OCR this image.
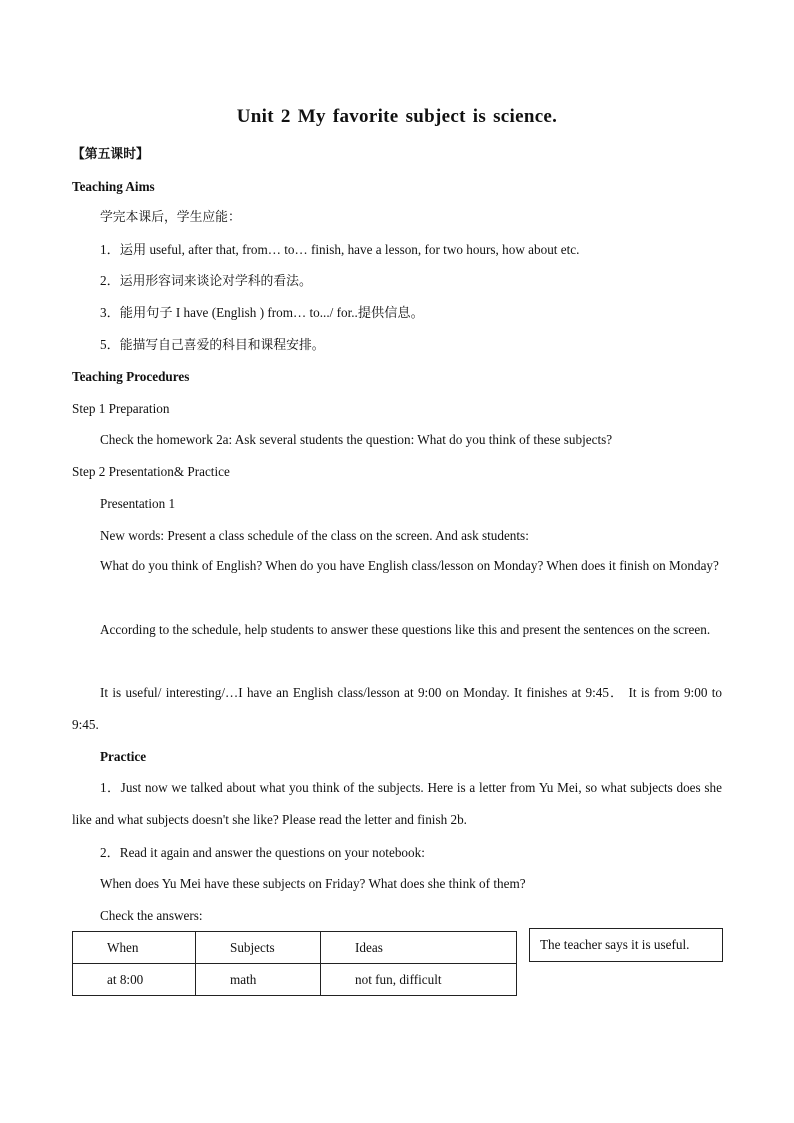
Unit 2 My favorite subject is science.
【第五课时】
Teaching Aims
学完本课后，学生应能：
1．运用 useful, after that, from… to… finish, have a lesson, for two hours, how about etc.
2．运用形容词来谈论对学科的看法。
3．能用句子 I have (English ) from… to.../ for..提供信息。
5．能描写自己喜爱的科目和课程安排。
Teaching Procedures
Step 1 Preparation
Check the homework 2a: Ask several students the question: What do you think of these subjects?
Step 2 Presentation& Practice
Presentation 1
New words: Present a class schedule of the class on the screen. And ask students:
What do you think of English? When do you have English class/lesson on Monday? When does it finish on Monday?
According to the schedule, help students to answer these questions like this and present the sentences on the screen.
It is useful/ interesting/…I have an English class/lesson at 9:00 on Monday. It finishes at 9:45． It is from 9:00 to 9:45.
Practice
1．Just now we talked about what you think of the subjects. Here is a letter from Yu Mei, so what subjects does she like and what subjects doesn't she like? Please read the letter and finish 2b.
2．Read it again and answer the questions on your notebook:
When does Yu Mei have these subjects on Friday? What does she think of them?
Check the answers:
When	Subjects	Ideas
at 8:00	math	not fun, difficult
The teacher says it is useful.
